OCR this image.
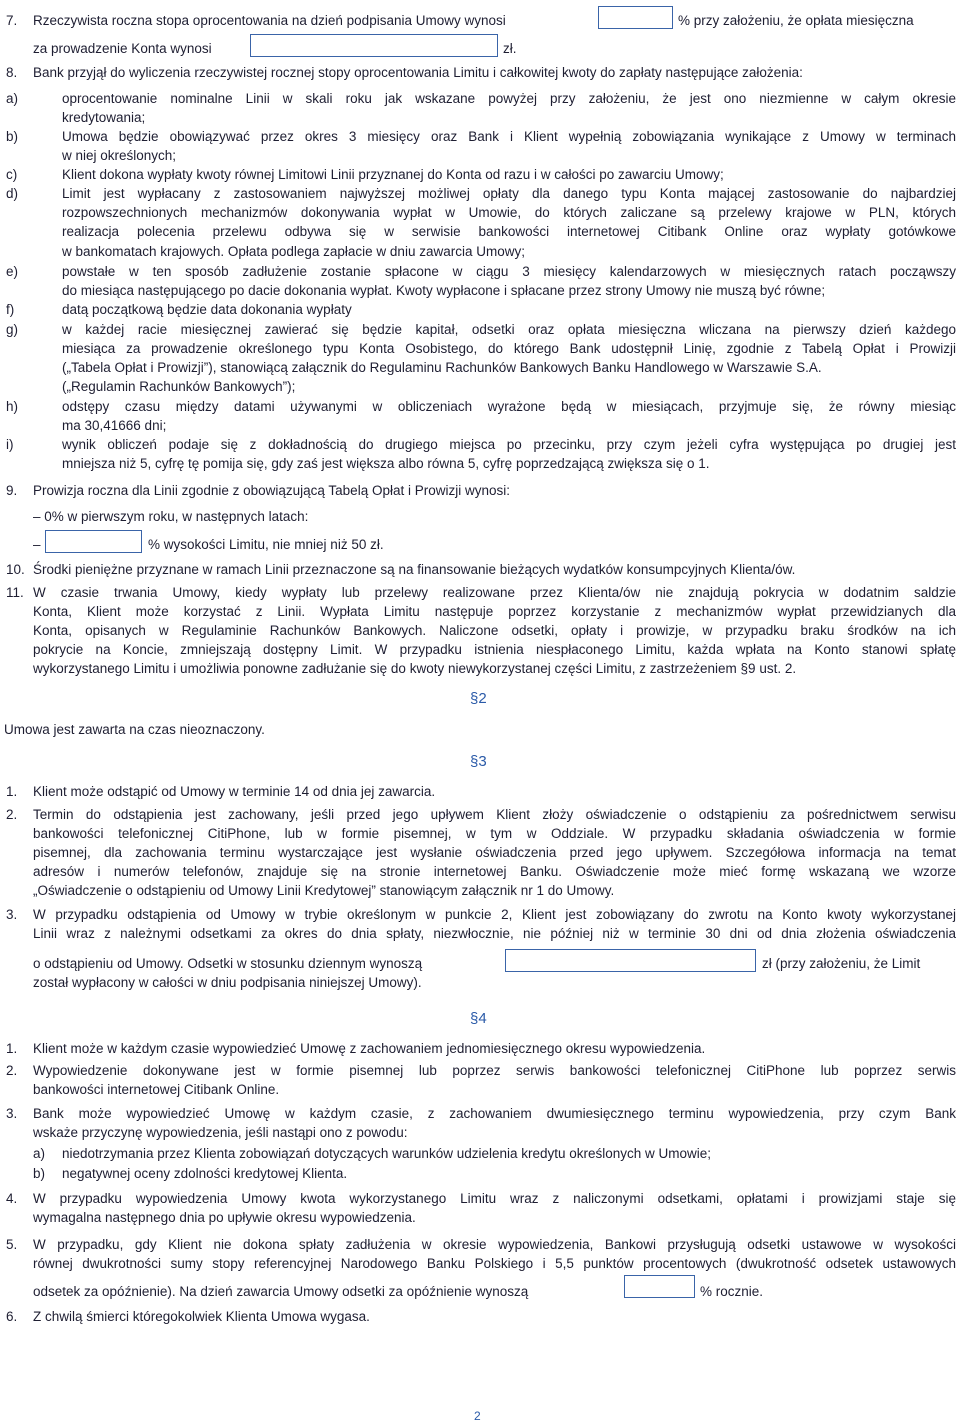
7. Rzeczywista roczna stopa oprocentowania na dzień podpisania Umowy wynosi	% przy założeniu, że opłata miesięczna
za prowadzenie Konta wynosi	zł.
8. Bank przyjął do wyliczenia rzeczywistej rocznej stopy oprocentowania Limitu i całkowitej kwoty do zapłaty następujące założenia:
a)	oprocentowanie nominalne Linii w skali roku jak wskazane powyżej przy założeniu, że jest ono niezmienne w całym okresie
kredytowania;
b)	Umowa będzie obowiązywać przez okres 3 miesięcy oraz Bank i Klient wypełnią zobowiązania wynikające z Umowy w terminach
w niej określonych;
c)	Klient dokona wypłaty kwoty równej Limitowi Linii przyznanej do Konta od razu i w całości po zawarciu Umowy;
d)	Limit jest wypłacany z zastosowaniem najwyższej możliwej opłaty dla danego typu Konta mającej zastosowanie do najbardziej
rozpowszechnionych mechanizmów dokonywania wypłat w Umowie, do których zaliczane są przelewy krajowe w PLN, których
realizacja polecenia przelewu odbywa się w serwisie bankowości internetowej Citibank Online oraz wypłaty gotówkowe
w bankomatach krajowych. Opłata podlega zapłacie w dniu zawarcia Umowy;
e)	powstałe w ten sposób zadłużenie zostanie spłacone w ciągu 3 miesięcy kalendarzowych w miesięcznych ratach począwszy
do miesiąca następującego po dacie dokonania wypłat. Kwoty wypłacone i spłacane przez strony Umowy nie muszą być równe;
f)	datą początkową będzie data dokonania wypłaty
g)	w każdej racie miesięcznej zawierać się będzie kapitał, odsetki oraz opłata miesięczna wliczana na pierwszy dzień każdego
miesiąca za prowadzenie określonego typu Konta Osobistego, do którego Bank udostępnił Linię, zgodnie z Tabelą Opłat i Prowizji
(„Tabela Opłat i Prowizji”), stanowiącą załącznik do Regulaminu Rachunków Bankowych Banku Handlowego w Warszawie S.A.
(„Regulamin Rachunków Bankowych”);
h)	odstępy czasu między datami używanymi w obliczeniach wyrażone będą w miesiącach, przyjmuje się, że równy miesiąc
ma 30,41666 dni;
i)	wynik obliczeń podaje się z dokładnością do drugiego miejsca po przecinku, przy czym jeżeli cyfra występująca po drugiej jest
mniejsza niż 5, cyfrę tę pomija się, gdy zaś jest większa albo równa 5, cyfrę poprzedzającą zwiększa się o 1.
9. Prowizja roczna dla Linii zgodnie z obowiązującą Tabelą Opłat i Prowizji wynosi:
– 0% w pierwszym roku, w następnych latach:
–	% wysokości Limitu, nie mniej niż 50 zł.
10. Środki pieniężne przyznane w ramach Linii przeznaczone są na finansowanie bieżących wydatków konsumpcyjnych Klienta/ów.
11. W czasie trwania Umowy, kiedy wypłaty lub przelewy realizowane przez Klienta/ów nie znajdują pokrycia w dodatnim saldzie
Konta, Klient może korzystać z Linii. Wypłata Limitu następuje poprzez korzystanie z mechanizmów wypłat przewidzianych dla
Konta, opisanych w Regulaminie Rachunków Bankowych. Naliczone odsetki, opłaty i prowizje, w przypadku braku środków na ich
pokrycie na Koncie, zmniejszają dostępny Limit. W przypadku istnienia niespłaconego Limitu, każda wpłata na Konto stanowi spłatę
wykorzystanego Limitu i umożliwia ponowne zadłużanie się do kwoty niewykorzystanej części Limitu, z zastrzeżeniem §9 ust. 2.
§2
Umowa jest zawarta na czas nieoznaczony.
§3
1. Klient może odstąpić od Umowy w terminie 14 od dnia jej zawarcia.
2. Termin do odstąpienia jest zachowany, jeśli przed jego upływem Klient złoży oświadczenie o odstąpieniu za pośrednictwem serwisu
bankowości telefonicznej CitiPhone, lub w formie pisemnej, w tym w Oddziale. W przypadku składania oświadczenia w formie
pisemnej, dla zachowania terminu wystarczające jest wysłanie oświadczenia przed jego upływem. Szczegółowa informacja na temat
adresów i numerów telefonów, znajduje się na stronie internetowej Banku. Oświadczenie może mieć formę wskazaną we wzorze
„Oświadczenie o odstąpieniu od Umowy Linii Kredytowej” stanowiącym załącznik nr 1 do Umowy.
3. W przypadku odstąpienia od Umowy w trybie określonym w punkcie 2, Klient jest zobowiązany do zwrotu na Konto kwoty wykorzystanej
Linii wraz z należnymi odsetkami za okres do dnia spłaty, niezwłocznie, nie później niż w terminie 30 dni od dnia złożenia oświadczenia
o odstąpieniu od Umowy. Odsetki w stosunku dziennym wynoszą	zł (przy założeniu, że Limit
został wypłacony w całości w dniu podpisania niniejszej Umowy).
§4
1. Klient może w każdym czasie wypowiedzieć Umowę z zachowaniem jednomiesięcznego okresu wypowiedzenia.
2. Wypowiedzenie dokonywane jest w formie pisemnej lub poprzez serwis bankowości telefonicznej CitiPhone lub poprzez serwis
bankowości internetowej Citibank Online.
3. Bank może wypowiedzieć Umowę w każdym czasie, z zachowaniem dwumiesięcznego terminu wypowiedzenia, przy czym Bank
wskaże przyczynę wypowiedzenia, jeśli nastąpi ono z powodu:
a) niedotrzymania przez Klienta zobowiązań dotyczących warunków udzielenia kredytu określonych w Umowie;
b) negatywnej oceny zdolności kredytowej Klienta.
4. W przypadku wypowiedzenia Umowy kwota wykorzystanego Limitu wraz z naliczonymi odsetkami, opłatami i prowizjami staje się
wymagalna następnego dnia po upływie okresu wypowiedzenia.
5. W przypadku, gdy Klient nie dokona spłaty zadłużenia w okresie wypowiedzenia, Bankowi przysługują odsetki ustawowe w wysokości
równej dwukrotności sumy stopy referencyjnej Narodowego Banku Polskiego i 5,5 punktów procentowych (dwukrotność odsetek ustawowych
odsetek za opóźnienie). Na dzień zawarcia Umowy odsetki za opóźnienie wynoszą	% rocznie.
6. Z chwilą śmierci któregokolwiek Klienta Umowa wygasa.
2
